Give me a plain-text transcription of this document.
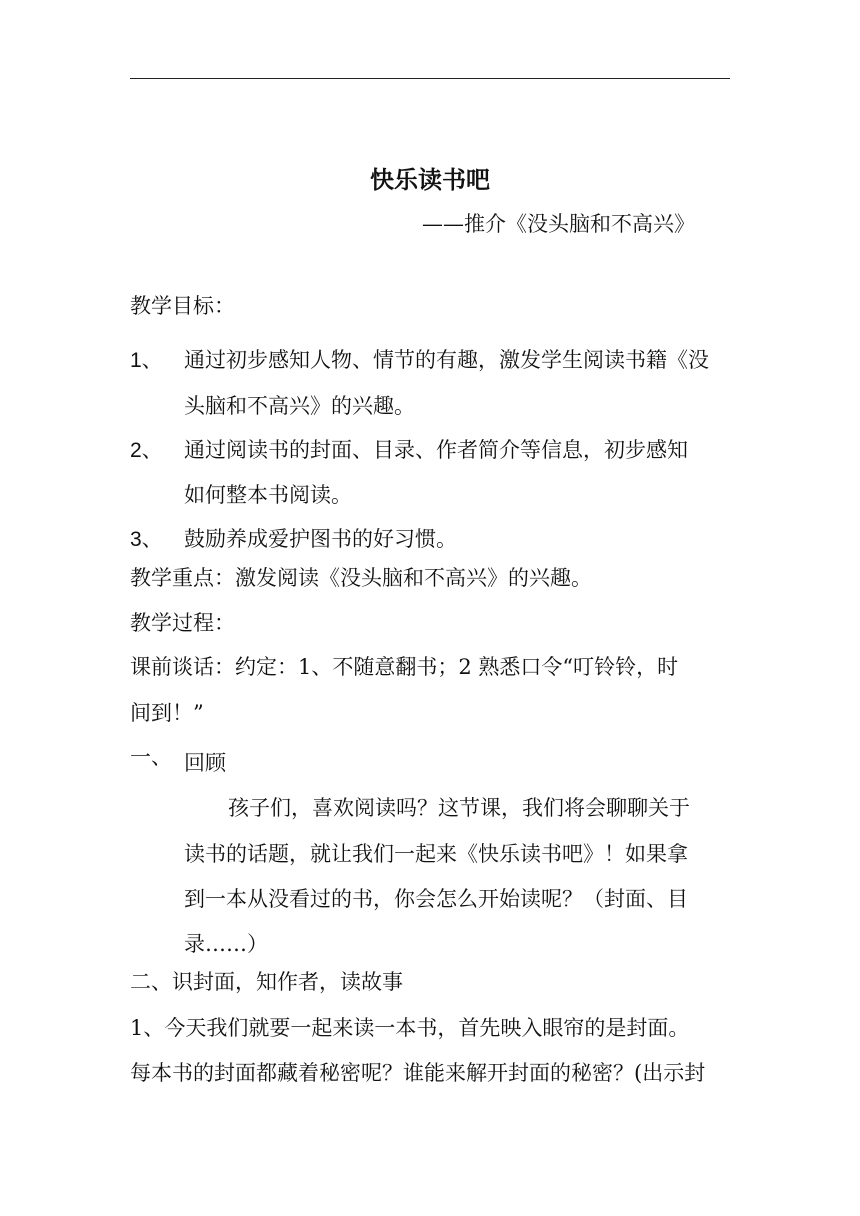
快乐读书吧
——推介《没头脑和不高兴》
教学目标：
1、 通过初步感知人物、情节的有趣，激发学生阅读书籍《没
头脑和不高兴》的兴趣。
2、 通过阅读书的封面、目录、作者简介等信息，初步感知
如何整本书阅读。
3、 鼓励养成爱护图书的好习惯。
教学重点：激发阅读《没头脑和不高兴》的兴趣。
教学过程：
课前谈话：约定：1、不随意翻书；2 熟悉口令“叮铃铃，时
间到！”
一、 回顾
孩子们，喜欢阅读吗？这节课，我们将会聊聊关于
读书的话题，就让我们一起来《快乐读书吧》！如果拿
到一本从没看过的书，你会怎么开始读呢？（封面、目
录……）
二、识封面，知作者，读故事
1、今天我们就要一起来读一本书，首先映入眼帘的是封面。
每本书的封面都藏着秘密呢？谁能来解开封面的秘密？(出示封
